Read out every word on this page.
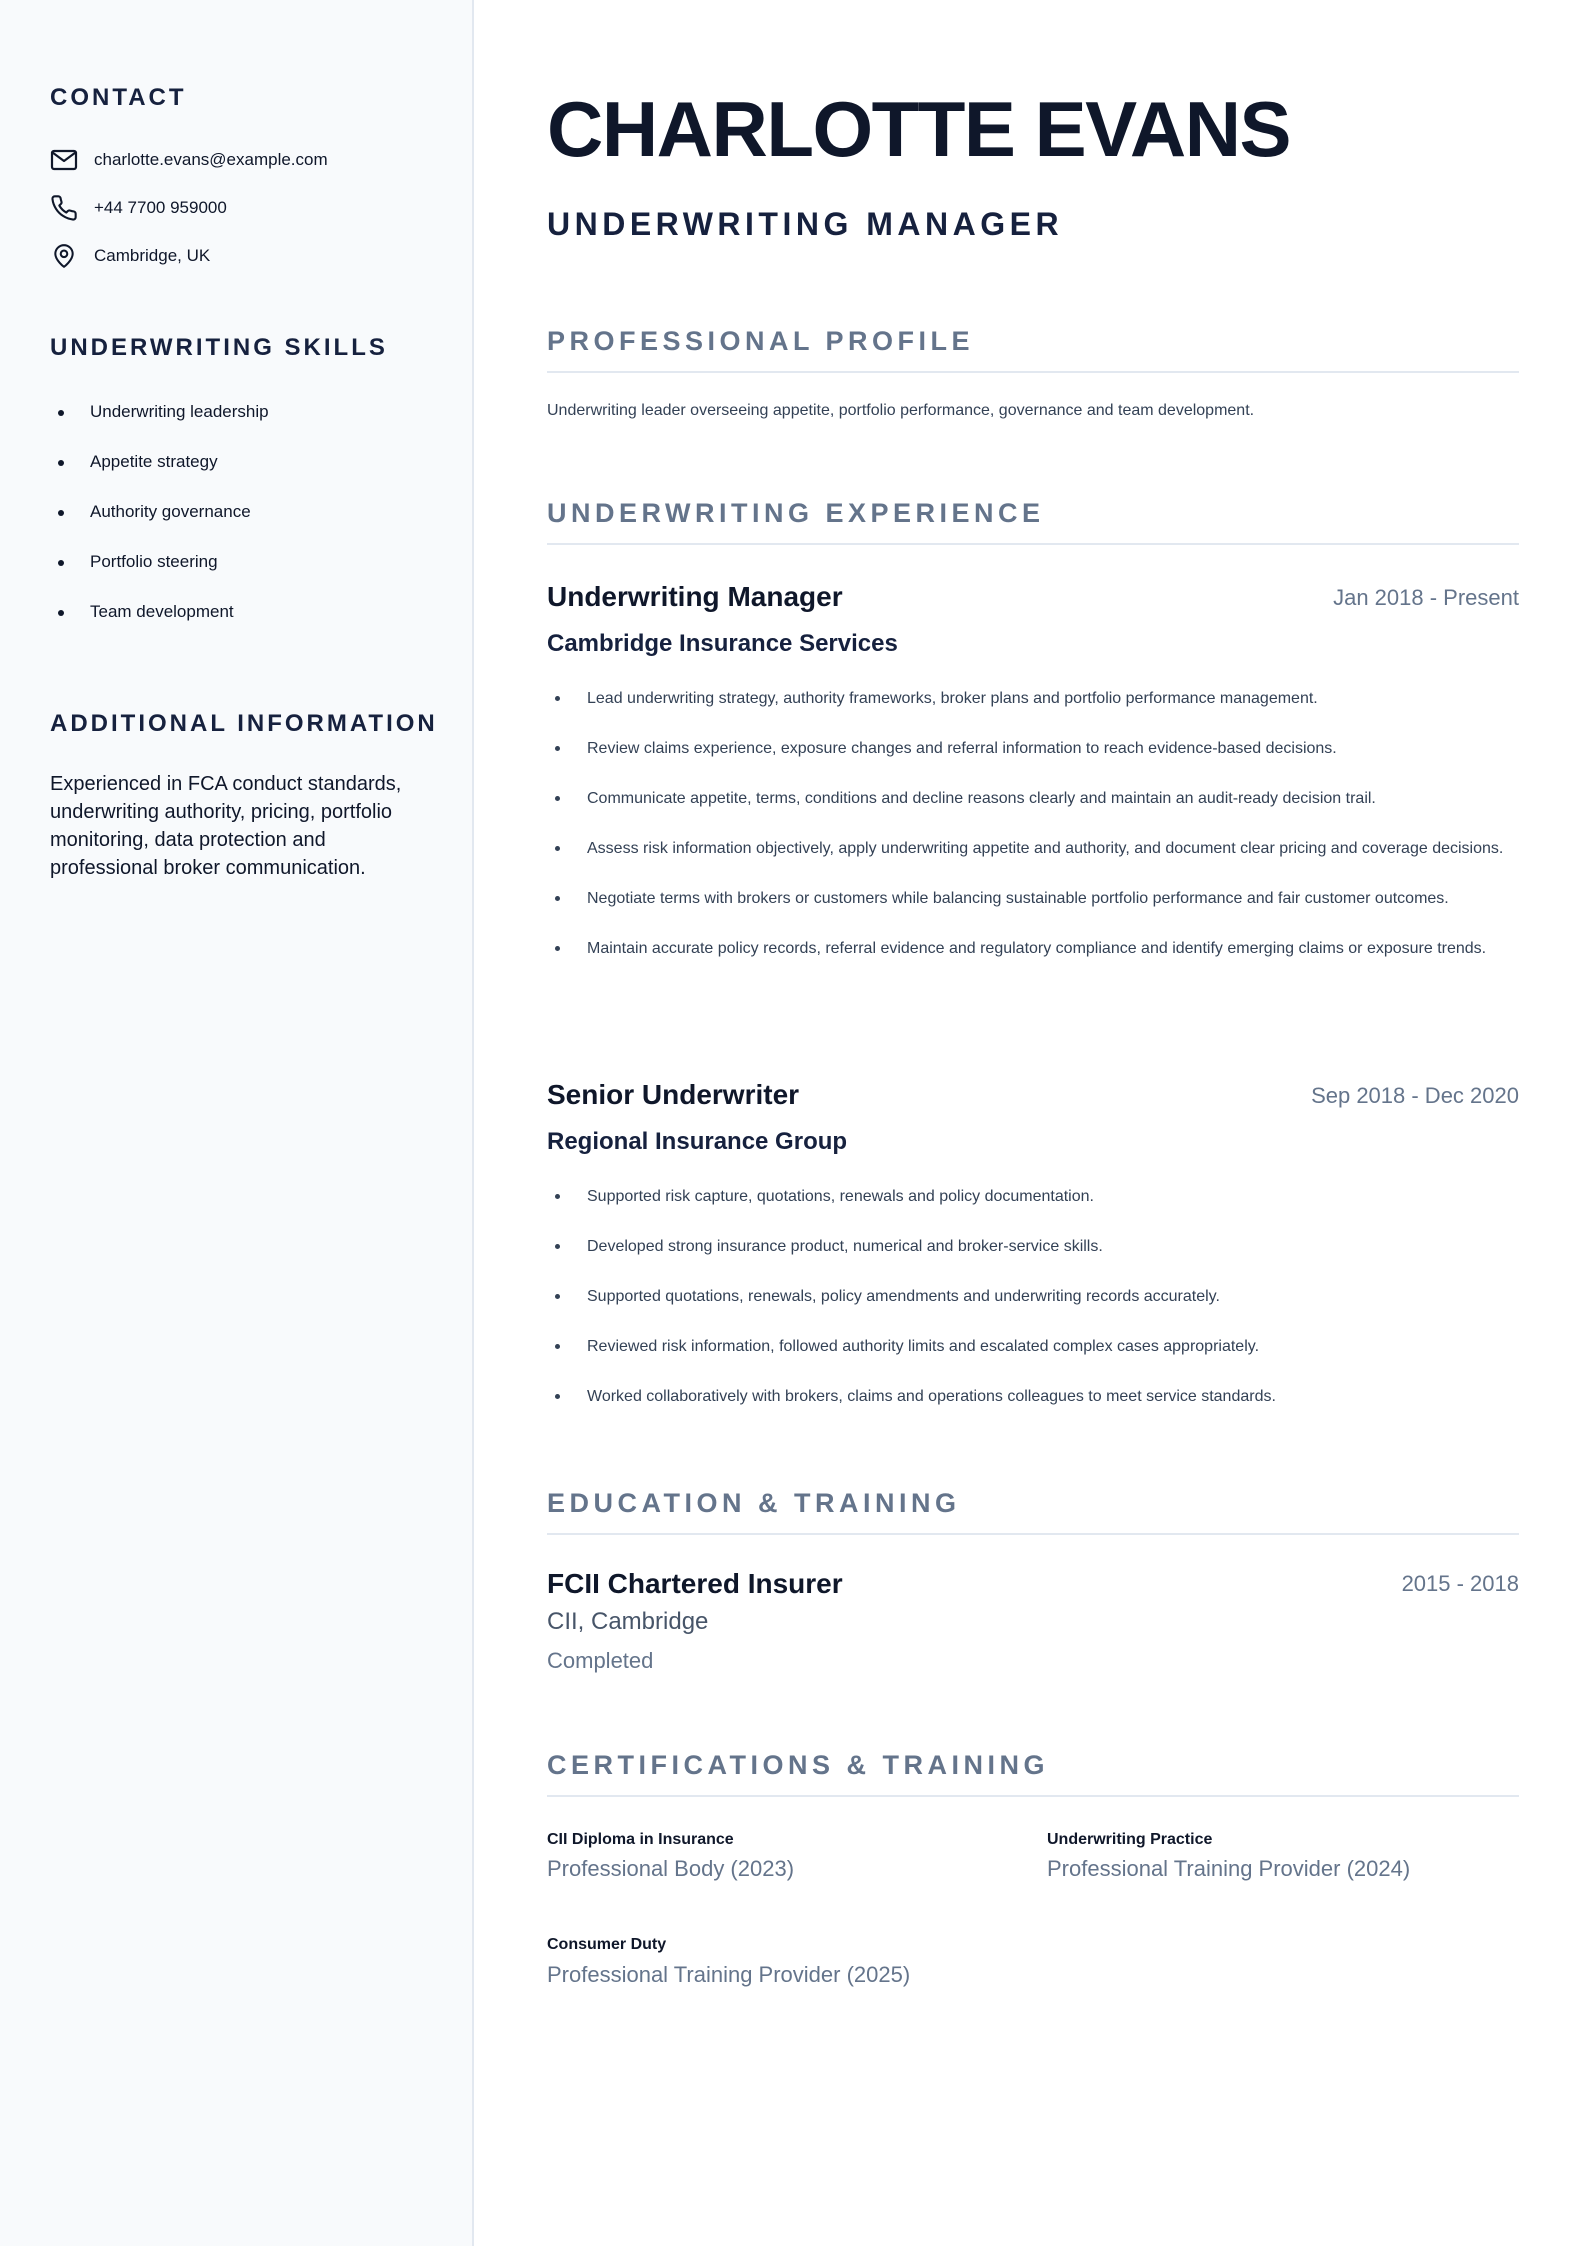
CONTACT
charlotte.evans@example.com
+44 7700 959000
Cambridge, UK
UNDERWRITING SKILLS
Underwriting leadership
Appetite strategy
Authority governance
Portfolio steering
Team development
ADDITIONAL INFORMATION

Experienced in FCA conduct standards, underwriting authority, pricing, portfolio monitoring, data protection and professional broker communication.

CHARLOTTE EVANS
UNDERWRITING MANAGER
PROFESSIONAL PROFILE

Underwriting leader overseeing appetite, portfolio performance, governance and team development.

UNDERWRITING EXPERIENCE
Underwriting Manager	Jan 2018 - Present
Cambridge Insurance Services
Lead underwriting strategy, authority frameworks, broker plans and portfolio performance management.
Review claims experience, exposure changes and referral information to reach evidence-based decisions.
Communicate appetite, terms, conditions and decline reasons clearly and maintain an audit-ready decision trail.
Assess risk information objectively, apply underwriting appetite and authority, and document clear pricing and coverage decisions.
Negotiate terms with brokers or customers while balancing sustainable portfolio performance and fair customer outcomes.
Maintain accurate policy records, referral evidence and regulatory compliance and identify emerging claims or exposure trends.
Senior Underwriter	Sep 2018 - Dec 2020
Regional Insurance Group
Supported risk capture, quotations, renewals and policy documentation.
Developed strong insurance product, numerical and broker-service skills.
Supported quotations, renewals, policy amendments and underwriting records accurately.
Reviewed risk information, followed authority limits and escalated complex cases appropriately.
Worked collaboratively with brokers, claims and operations colleagues to meet service standards.
EDUCATION & TRAINING
FCII Chartered Insurer	2015 - 2018
CII, Cambridge
Completed
CERTIFICATIONS & TRAINING
CII Diploma in Insurance
Professional Body (2023)
Underwriting Practice
Professional Training Provider (2024)
Consumer Duty
Professional Training Provider (2025)
